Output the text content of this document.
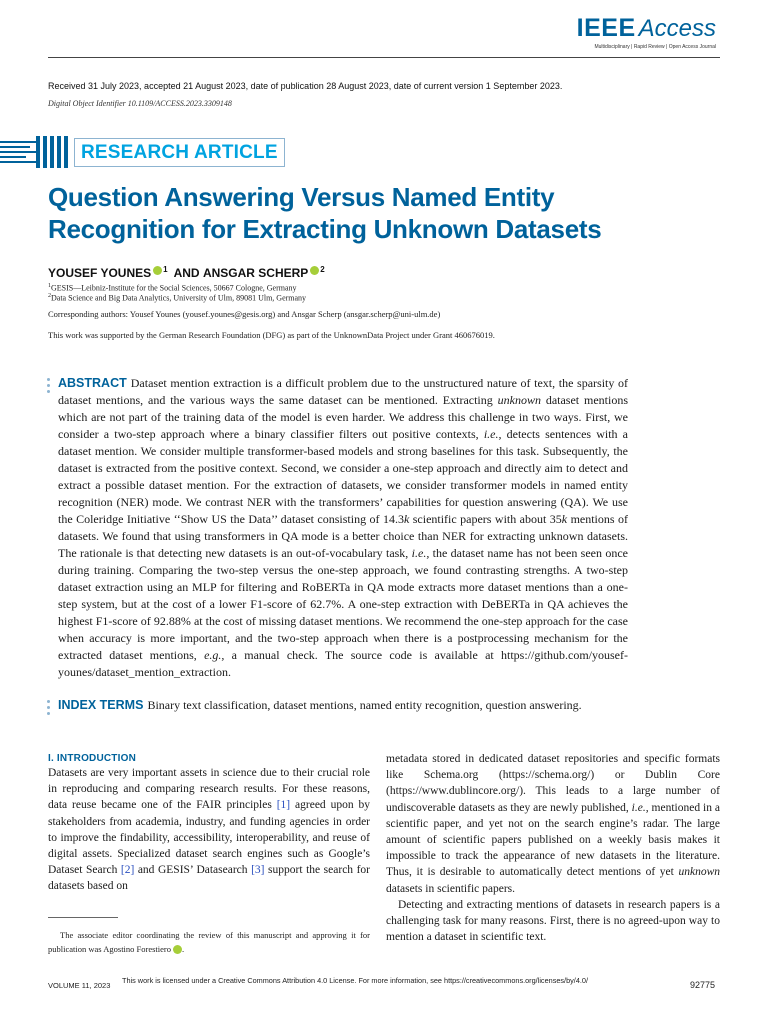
IEEE Access
Multidisciplinary | Rapid Review | Open Access Journal
Received 31 July 2023, accepted 21 August 2023, date of publication 28 August 2023, date of current version 1 September 2023.
Digital Object Identifier 10.1109/ACCESS.2023.3309148
RESEARCH ARTICLE
Question Answering Versus Named Entity
Recognition for Extracting Unknown Datasets
YOUSEF YOUNES 1 AND
ANSGAR SCHERP 2
$^1$GESIS—Leibniz-Institute for the Social Sciences, 50667 Cologne, Germany
$^2$Data Science and Big Data Analytics, University of Ulm, 89081 Ulm, Germany
Corresponding authors: Yousef Younes (yousef.younes@gesis.org) and Ansgar Scherp (ansgar.scherp@uni-ulm.de)
This work was supported by the German Research Foundation (DFG) as part of the UnknownData Project under Grant 460676019.
ABSTRACT Dataset mention extraction is a difficult problem due to the unstructured nature of text, the sparsity of dataset mentions, and the various ways the same dataset can be mentioned. Extracting unknown dataset mentions which are not part of the training data of the model is even harder. We address this challenge in two ways. First, we consider a two-step approach where a binary classifier filters out positive contexts, i.e., detects sentences with a dataset mention. We consider multiple transformer-based models and strong baselines for this task. Subsequently, the dataset is extracted from the positive context. Second, we consider a one-step approach and directly aim to detect and extract a possible dataset mention. For the extraction of datasets, we consider transformer models in named entity recognition (NER) mode. We contrast NER with the transformers’ capabilities for question answering (QA). We use the Coleridge Initiative ‘‘Show US the Data’’ dataset consisting of 14.3k scientific papers with about 35k mentions of datasets. We found that using transformers in QA mode is a better choice than NER for extracting unknown datasets. The rationale is that detecting new datasets is an out-of-vocabulary task, i.e., the dataset name has not been seen once during training. Comparing the two-step versus the one-step approach, we found contrasting strengths. A two-step dataset extraction using an MLP for filtering and RoBERTa in QA mode extracts more dataset mentions than a one-step system, but at the cost of a lower F1-score of 62.7%. A one-step extraction with DeBERTa in QA achieves the highest F1-score of 92.88% at the cost of missing dataset mentions. We recommend the one-step approach for the case when accuracy is more important, and the two-step approach when there is a postprocessing mechanism for the extracted dataset mentions, e.g., a manual check. The source code is available at https://github.com/yousef-younes/dataset_mention_extraction.
INDEX TERMS Binary text classification, dataset mentions, named entity recognition, question answering.
I. INTRODUCTION
Datasets are very important assets in science due to their crucial role in reproducing and comparing research results. For these reasons, data reuse became one of the FAIR principles [1] agreed upon by stakeholders from academia, industry, and funding agencies in order to improve the findability, accessibility, interoperability, and reuse of digital assets. Specialized dataset search engines such as Google’s Dataset Search [2] and GESIS’ Datasearch [3] support the search for datasets based on
metadata stored in dedicated dataset repositories and specific formats like Schema.org (https://schema.org/) or Dublin Core (https://www.dublincore.org/). This leads to a large number of undiscoverable datasets as they are newly published, i.e., mentioned in a scientific paper, and yet not on the search engine’s radar. The large amount of scientific papers published on a weekly basis makes it impossible to track the appearance of new datasets in the literature. Thus, it is desirable to automatically detect mentions of yet unknown datasets in scientific papers.
Detecting and extracting mentions of datasets in research papers is a challenging task for many reasons. First, there is no agreed-upon way to mention a dataset in scientific text.
The associate editor coordinating the review of this manuscript and approving it for publication was Agostino Forestiero .
VOLUME 11, 2023
This work is licensed under a Creative Commons Attribution 4.0 License. For more information, see https://creativecommons.org/licenses/by/4.0/	92775
